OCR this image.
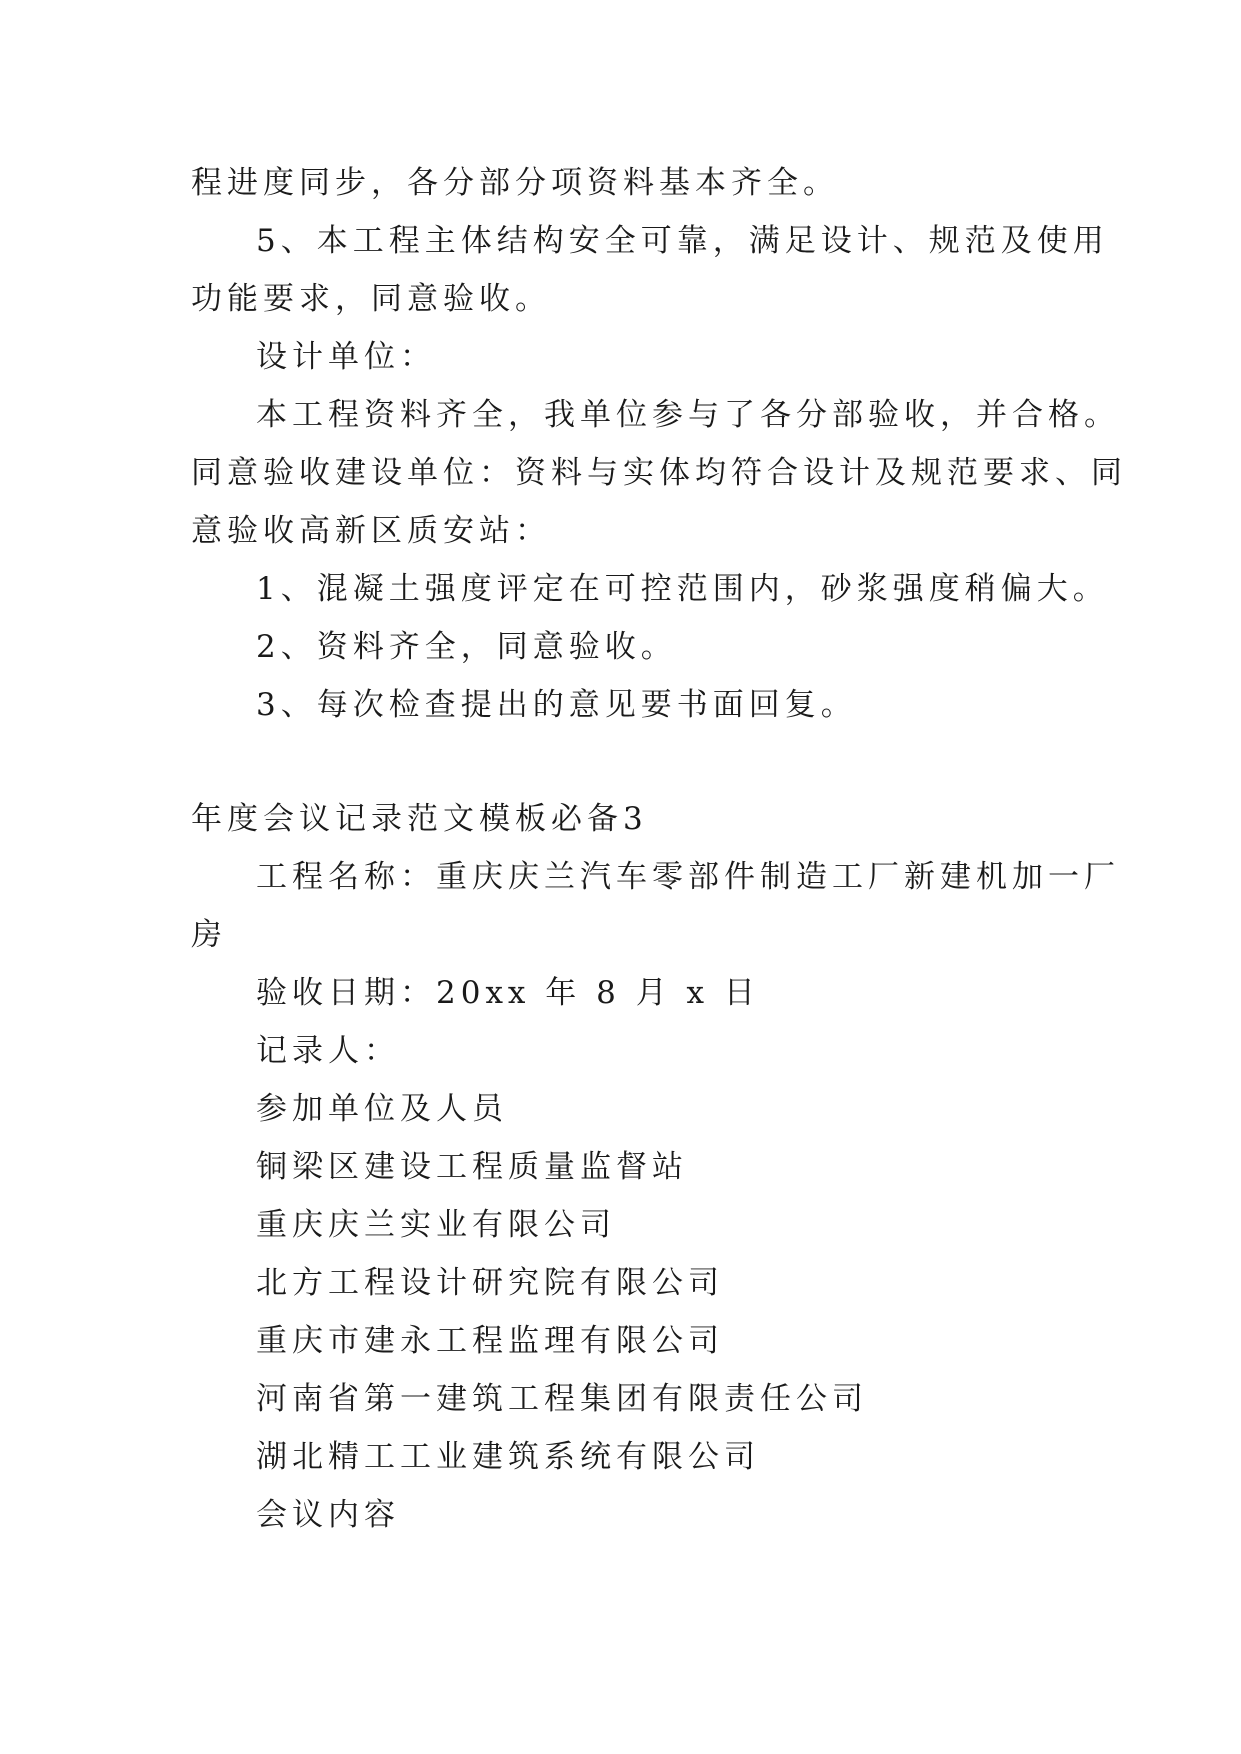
程进度同步，各分部分项资料基本齐全。
5、本工程主体结构安全可靠，满足设计、规范及使用
功能要求，同意验收。
设计单位：
本工程资料齐全，我单位参与了各分部验收，并合格。
同意验收建设单位：资料与实体均符合设计及规范要求、同
意验收高新区质安站：
1、混凝土强度评定在可控范围内，砂浆强度稍偏大。
2、资料齐全，同意验收。
3、每次检查提出的意见要书面回复。
年度会议记录范文模板必备3
工程名称：重庆庆兰汽车零部件制造工厂新建机加一厂
房
验收日期：20xx 年 8 月 x 日
记录人：
参加单位及人员
铜梁区建设工程质量监督站
重庆庆兰实业有限公司
北方工程设计研究院有限公司
重庆市建永工程监理有限公司
河南省第一建筑工程集团有限责任公司
湖北精工工业建筑系统有限公司
会议内容
